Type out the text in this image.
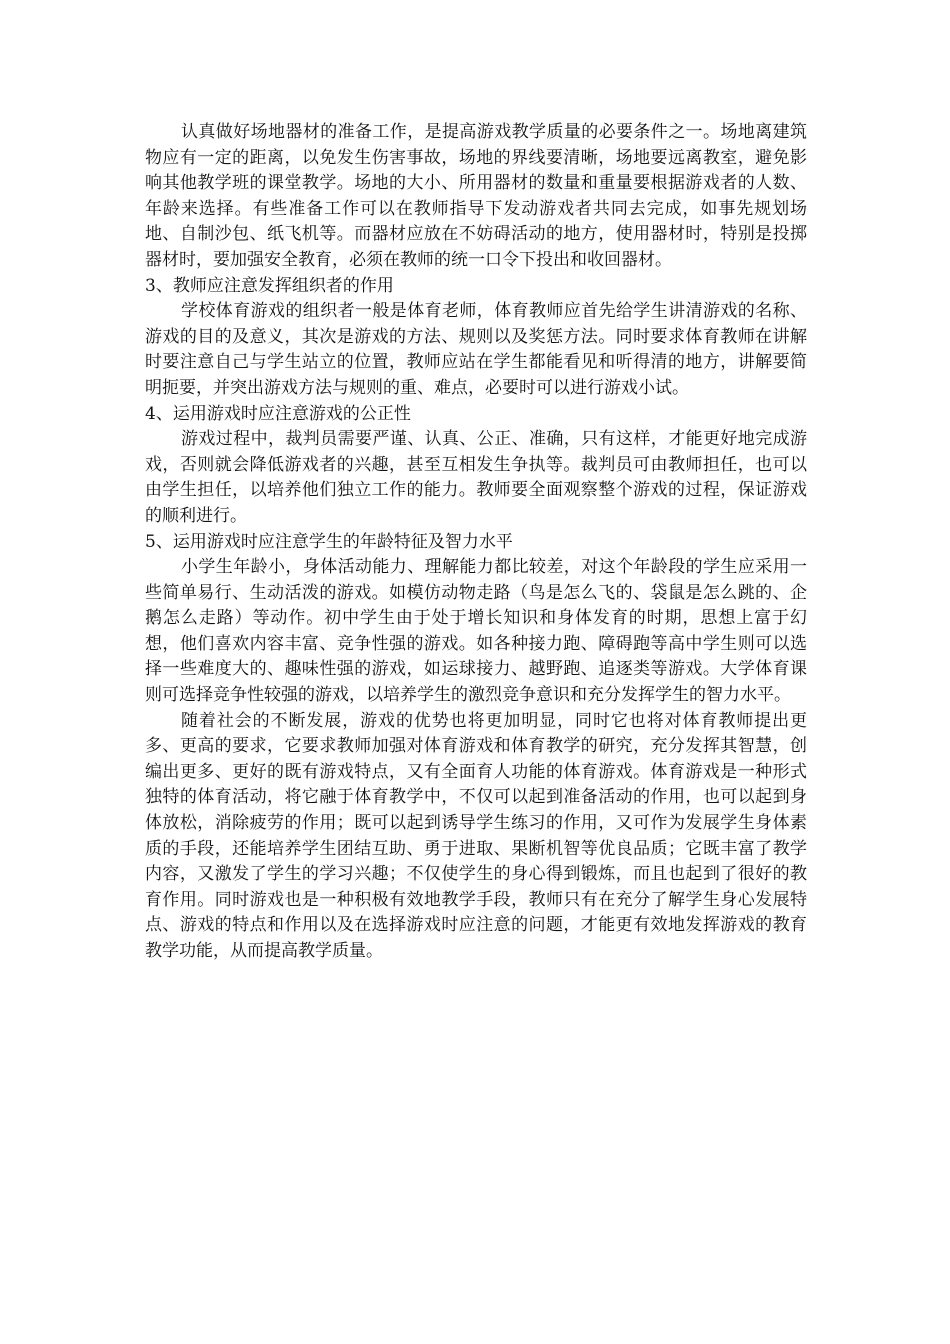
认真做好场地器材的准备工作，是提高游戏教学质量的必要条件之一。场地离建筑物应有一定的距离，以免发生伤害事故，场地的界线要清晰，场地要远离教室，避免影响其他教学班的课堂教学。场地的大小、所用器材的数量和重量要根据游戏者的人数、年龄来选择。有些准备工作可以在教师指导下发动游戏者共同去完成，如事先规划场地、自制沙包、纸飞机等。而器材应放在不妨碍活动的地方，使用器材时，特别是投掷器材时，要加强安全教育，必须在教师的统一口令下投出和收回器材。

3、教师应注意发挥组织者的作用

学校体育游戏的组织者一般是体育老师，体育教师应首先给学生讲清游戏的名称、游戏的目的及意义，其次是游戏的方法、规则以及奖惩方法。同时要求体育教师在讲解时要注意自己与学生站立的位置，教师应站在学生都能看见和听得清的地方，讲解要简明扼要，并突出游戏方法与规则的重、难点，必要时可以进行游戏小试。

4、运用游戏时应注意游戏的公正性

游戏过程中，裁判员需要严谨、认真、公正、准确，只有这样，才能更好地完成游戏，否则就会降低游戏者的兴趣，甚至互相发生争执等。裁判员可由教师担任，也可以由学生担任，以培养他们独立工作的能力。教师要全面观察整个游戏的过程，保证游戏的顺利进行。

5、运用游戏时应注意学生的年龄特征及智力水平

小学生年龄小，身体活动能力、理解能力都比较差，对这个年龄段的学生应采用一些简单易行、生动活泼的游戏。如模仿动物走路（鸟是怎么飞的、袋鼠是怎么跳的、企鹅怎么走路）等动作。初中学生由于处于增长知识和身体发育的时期，思想上富于幻想，他们喜欢内容丰富、竞争性强的游戏。如各种接力跑、障碍跑等高中学生则可以选择一些难度大的、趣味性强的游戏，如运球接力、越野跑、追逐类等游戏。大学体育课则可选择竞争性较强的游戏，以培养学生的激烈竞争意识和充分发挥学生的智力水平。

随着社会的不断发展，游戏的优势也将更加明显，同时它也将对体育教师提出更多、更高的要求，它要求教师加强对体育游戏和体育教学的研究，充分发挥其智慧，创编出更多、更好的既有游戏特点，又有全面育人功能的体育游戏。体育游戏是一种形式独特的体育活动，将它融于体育教学中，不仅可以起到准备活动的作用，也可以起到身体放松，消除疲劳的作用；既可以起到诱导学生练习的作用，又可作为发展学生身体素质的手段，还能培养学生团结互助、勇于进取、果断机智等优良品质；它既丰富了教学内容，又激发了学生的学习兴趣；不仅使学生的身心得到锻炼，而且也起到了很好的教育作用。同时游戏也是一种积极有效地教学手段，教师只有在充分了解学生身心发展特点、游戏的特点和作用以及在选择游戏时应注意的问题，才能更有效地发挥游戏的教育教学功能，从而提高教学质量。
